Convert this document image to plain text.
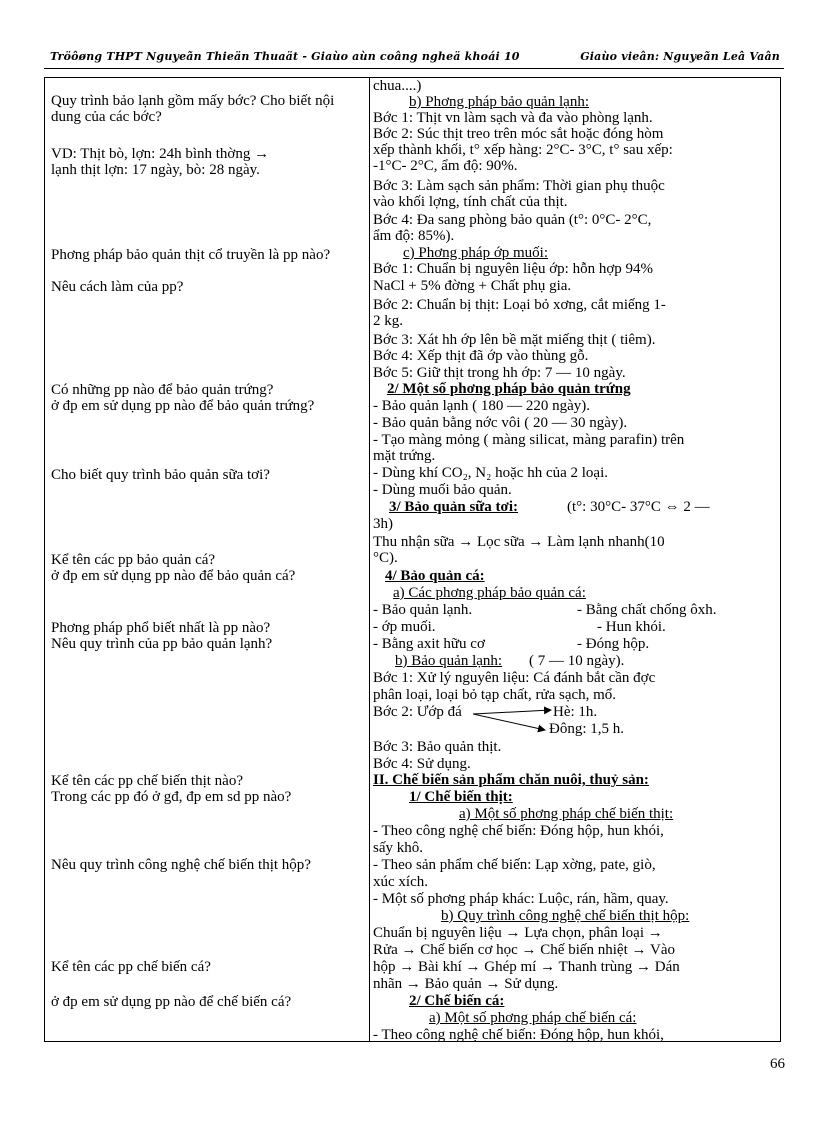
Tröôøng THPT Nguyeãn Thieän Thuaät - Giaùo aùn coâng ngheä khoái 10	Giaùo vieân: Nguyeãn Leâ Vaân
Quy trình bảo lạnh gồm mấy bớc? Cho biết nội dung của các bớc?
VD: Thịt bò, lợn: 24h bình thờng →
lạnh thịt lợn: 17 ngày, bò: 28 ngày.
Phơng pháp bảo quản thịt cổ truyền là pp nào?
Nêu cách làm của pp?
Có những pp nào để bảo quản trứng?
ở đp em sử dụng pp nào để bảo quản trứng?
Cho biết quy trình bảo quản sữa tơi?
Kể tên các pp bảo quản cá?
ở đp em sử dụng pp nào để bảo quản cá?
Phơng pháp phổ biết nhất là pp nào?
Nêu quy trình của pp bảo quản lạnh?
Kể tên các pp chế biến thịt nào?
Trong các pp đó ở gđ, đp em sd pp nào?
Nêu quy trình công nghệ chế biến thịt hộp?
Kể tên các pp chế biến cá?
ở đp em sử dụng pp nào để chế biến cá?
chua....)
b) Phơng pháp bảo quản lạnh:
Bớc 1: Thịt vn làm sạch và đa vào phòng lạnh.
Bớc 2: Súc thịt treo trên móc sắt hoặc đóng hòm
xếp thành khối, t° xếp hàng: 2°C- 3°C, t° sau xếp:
-1°C- 2°C, ẩm độ: 90%.
Bớc 3: Làm sạch sản phẩm: Thời gian phụ thuộc
vào khối lợng, tính chất của thịt.
Bớc 4: Đa sang phòng bảo quản (t°: 0°C- 2°C,
ẩm độ: 85%).
c) Phơng pháp ớp muối:
Bớc 1: Chuẩn bị nguyên liệu ớp: hỗn hợp 94%
NaCl + 5% đờng + Chất phụ gia.
Bớc 2: Chuẩn bị thịt: Loại bỏ xơng, cắt miếng 1-
2 kg.
Bớc 3: Xát hh ớp lên bề mặt miếng thịt ( tiêm).
Bớc 4: Xếp thịt đã ớp vào thùng gỗ.
Bớc 5: Giữ thịt trong hh ớp: 7 — 10 ngày.
2/ Một số phơng pháp bảo quản trứng
- Bảo quản lạnh ( 180 — 220 ngày).
- Bảo quản bằng nớc vôi ( 20 — 30 ngày).
- Tạo màng mỏng ( màng silicat, màng parafin) trên
mặt trứng.
- Dùng khí CO₂, N₂ hoặc hh của 2 loại.
- Dùng muối bảo quản.
3/ Bảo quản sữa tơi:	(t°: 30°C- 37°C ⇔ 2 —
3h)
Thu nhận sữa → Lọc sữa → Làm lạnh nhanh(10
°C).
4/ Bảo quản cá:
a) Các phơng pháp bảo quản cá:
- Bảo quản lạnh.	- Bằng chất chống ôxh.
- ớp muối.	- Hun khói.
- Bằng axit hữu cơ	- Đóng hộp.
b) Bảo quản lạnh:	( 7 — 10 ngày).
Bớc 1: Xử lý nguyên liệu: Cá đánh bắt cần đợc
phân loại, loại bỏ tạp chất, rửa sạch, mổ.
Bớc 2: Ướp đá	Hè: 1h.
Đông: 1,5 h.
Bớc 3: Bảo quản thịt.
Bớc 4: Sử dụng.
II. Chế biến sản phẩm chăn nuôi, thuỷ sản:
1/ Chế biến thịt:
a) Một số phơng pháp chế biến thịt:
- Theo công nghệ chế biến: Đóng hộp, hun khói,
sấy khô.
- Theo sản phẩm chế biến: Lạp xờng, pate, giò,
xúc xích.
- Một số phơng pháp khác: Luộc, rán, hầm, quay.
b) Quy trình công nghệ chế biến thịt hộp:
Chuẩn bị nguyên liệu → Lựa chọn, phân loại →
Rửa → Chế biến cơ học → Chế biến nhiệt → Vào
hộp → Bài khí → Ghép mí → Thanh trùng → Dán
nhãn → Bảo quản → Sử dụng.
2/ Chế biến cá:
a) Một số phơng pháp chế biến cá:
- Theo công nghệ chế biến: Đóng hộp, hun khói,
66
